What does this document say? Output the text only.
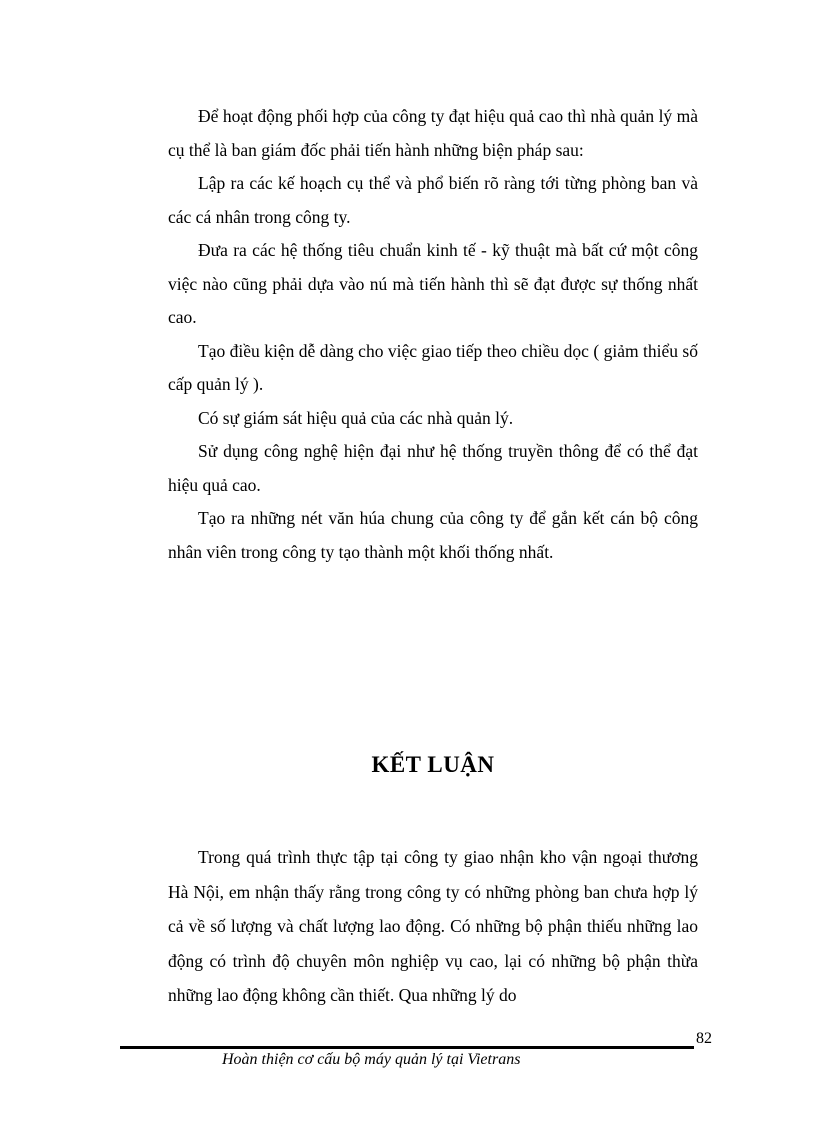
Để hoạt động phối hợp của công ty đạt hiệu quả cao thì nhà quản lý mà cụ thể là ban giám đốc phải tiến hành những biện pháp sau:

Lập ra các kế hoạch cụ thể và phổ biến rõ ràng tới từng phòng ban và các cá nhân trong công ty.

Đưa ra các hệ thống tiêu chuẩn kinh tế - kỹ thuật mà bất cứ một công việc nào cũng phải dựa vào nú mà tiến hành thì sẽ đạt được sự thống nhất cao.

Tạo điều kiện dễ dàng cho việc giao tiếp theo chiều dọc ( giảm thiểu số cấp quản lý ).

Có sự giám sát hiệu quả của các nhà quản lý.

Sử dụng công nghệ hiện đại như hệ thống truyền thông để có thể đạt hiệu quả cao.

Tạo ra những nét văn húa chung của công ty để gắn kết cán bộ công nhân viên trong công ty tạo thành một khối thống nhất.

KẾT LUẬN

Trong quá trình thực tập tại công ty giao nhận kho vận ngoại thương Hà Nội, em nhận thấy rằng trong công ty có những phòng ban chưa hợp lý cả về số lượng và chất lượng lao động. Có những bộ phận thiếu những lao động có trình độ chuyên môn nghiệp vụ cao, lại có những bộ phận thừa những lao động không cần thiết. Qua những lý do

82
Hoàn thiện cơ cấu bộ máy quản lý tại Vietrans
